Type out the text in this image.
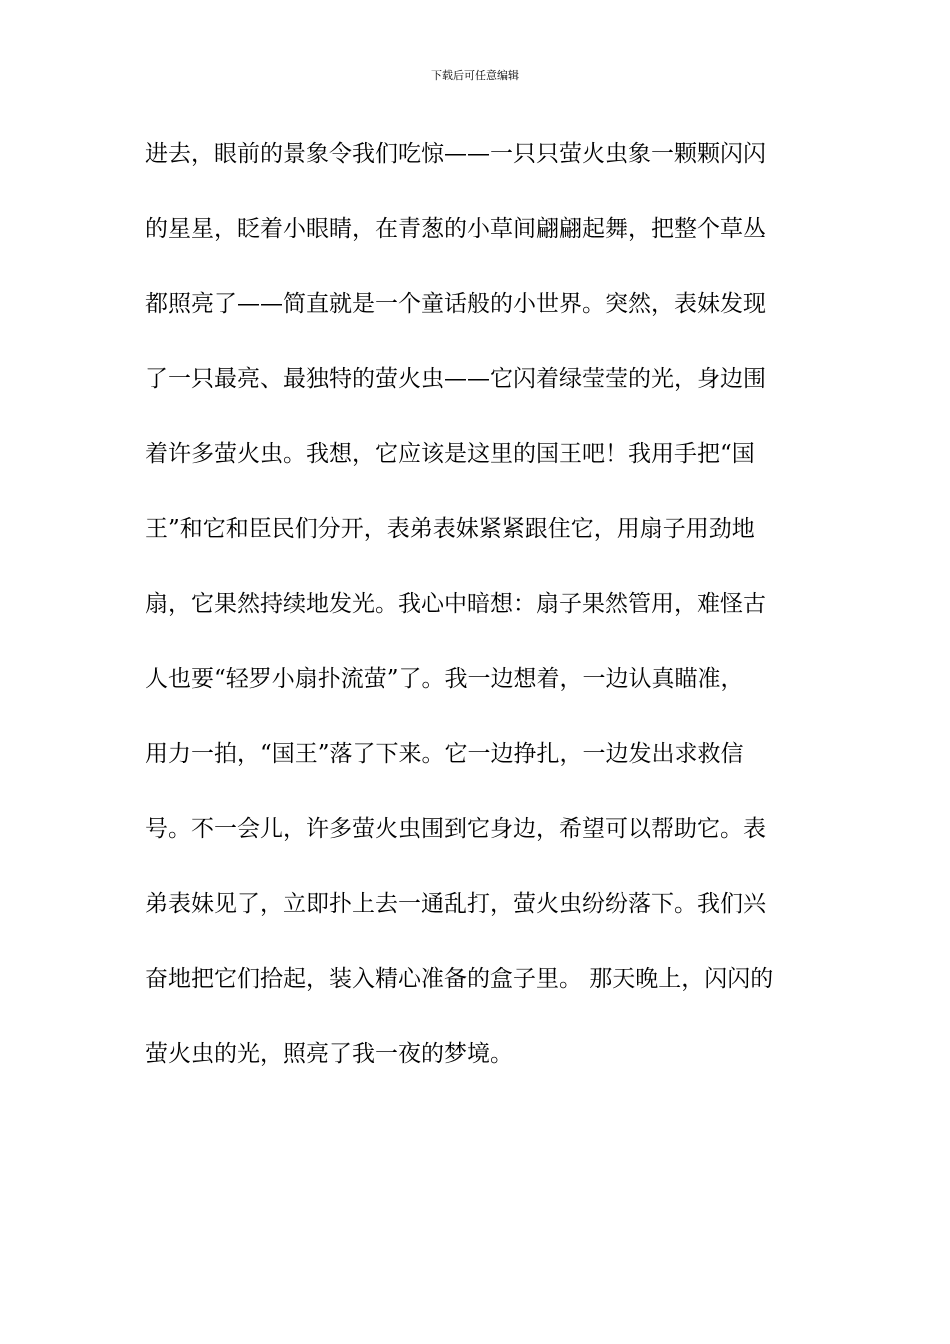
下载后可任意编辑
进去，眼前的景象令我们吃惊——一只只萤火虫象一颗颗闪闪
的星星，眨着小眼睛，在青葱的小草间翩翩起舞，把整个草丛
都照亮了——简直就是一个童话般的小世界。突然，表妹发现
了一只最亮、最独特的萤火虫——它闪着绿莹莹的光，身边围
着许多萤火虫。我想，它应该是这里的国王吧！我用手把“国
王”和它和臣民们分开，表弟表妹紧紧跟住它，用扇子用劲地
扇，它果然持续地发光。我心中暗想：扇子果然管用，难怪古
人也要“轻罗小扇扑流萤”了。我一边想着，一边认真瞄准，
用力一拍，“国王”落了下来。它一边挣扎，一边发出求救信
号。不一会儿，许多萤火虫围到它身边，希望可以帮助它。表
弟表妹见了，立即扑上去一通乱打，萤火虫纷纷落下。我们兴
奋地把它们拾起，装入精心准备的盒子里。 那天晚上，闪闪的
萤火虫的光，照亮了我一夜的梦境。
